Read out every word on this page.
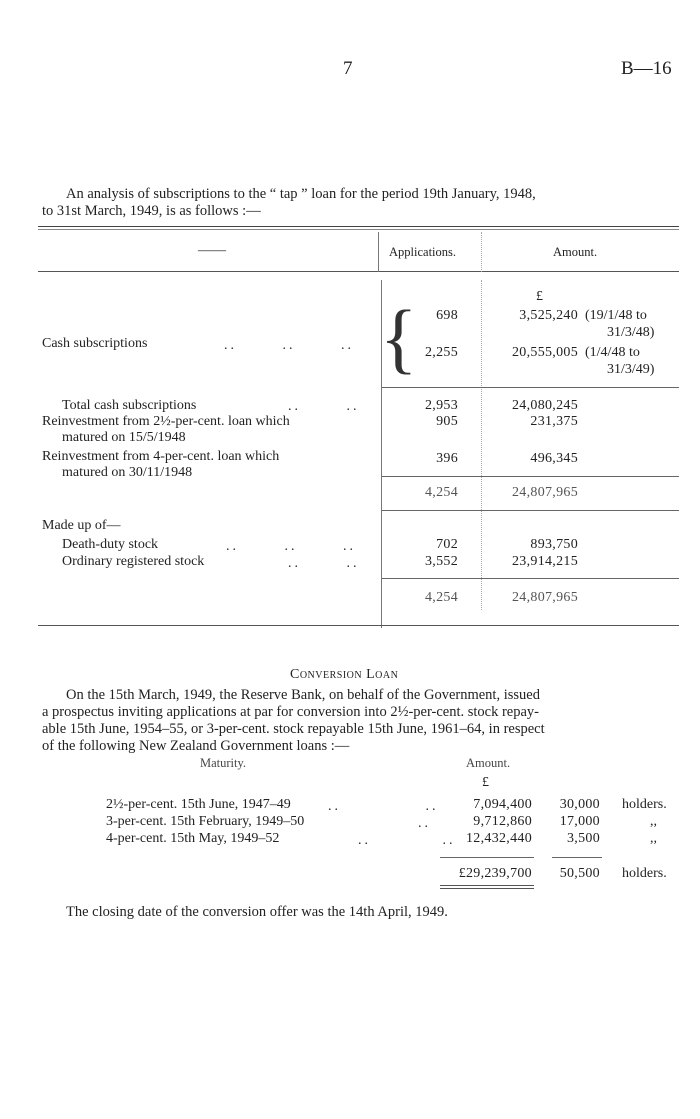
7	B—16
An analysis of subscriptions to the “ tap ” loan for the period 19th January, 1948,
to 31st March, 1949, is as follows :—
——	Applications.	Amount.
£
Cash subscriptions	..       ..       .. {	698	3,525,240 (19/1/48 to
31/3/48)
2,255	20,555,005 (1/4/48 to
31/3/49)
Total cash subscriptions	..       ..	2,953	24,080,245
Reinvestment from 2½-per-cent. loan which
matured on 15/5/1948
905	231,375
Reinvestment from 4-per-cent. loan which
matured on 30/11/1948
396	496,345
4,254	24,807,965
Made up of—
Death-duty stock	..       ..       ..	702	893,750
Ordinary registered stock	..       ..	3,552	23,914,215
4,254	24,807,965
Conversion Loan
On the 15th March, 1949, the Reserve Bank, on behalf of the Government, issued
a prospectus inviting applications at par for conversion into 2½-per-cent. stock repay-
able 15th June, 1954–55, or 3-per-cent. stock repayable 15th June, 1961–64, in respect
of the following New Zealand Government loans :—
Maturity.	Amount.
£
2½-per-cent. 15th June, 1947–49	..             ..	7,094,400	30,000 holders.
3-per-cent. 15th February, 1949–50	..	9,712,860	17,000	,,
4-per-cent. 15th May, 1949–52	..           .. 12,432,440	3,500	,,
£29,239,700	50,500 holders.
The closing date of the conversion offer was the 14th April, 1949.
